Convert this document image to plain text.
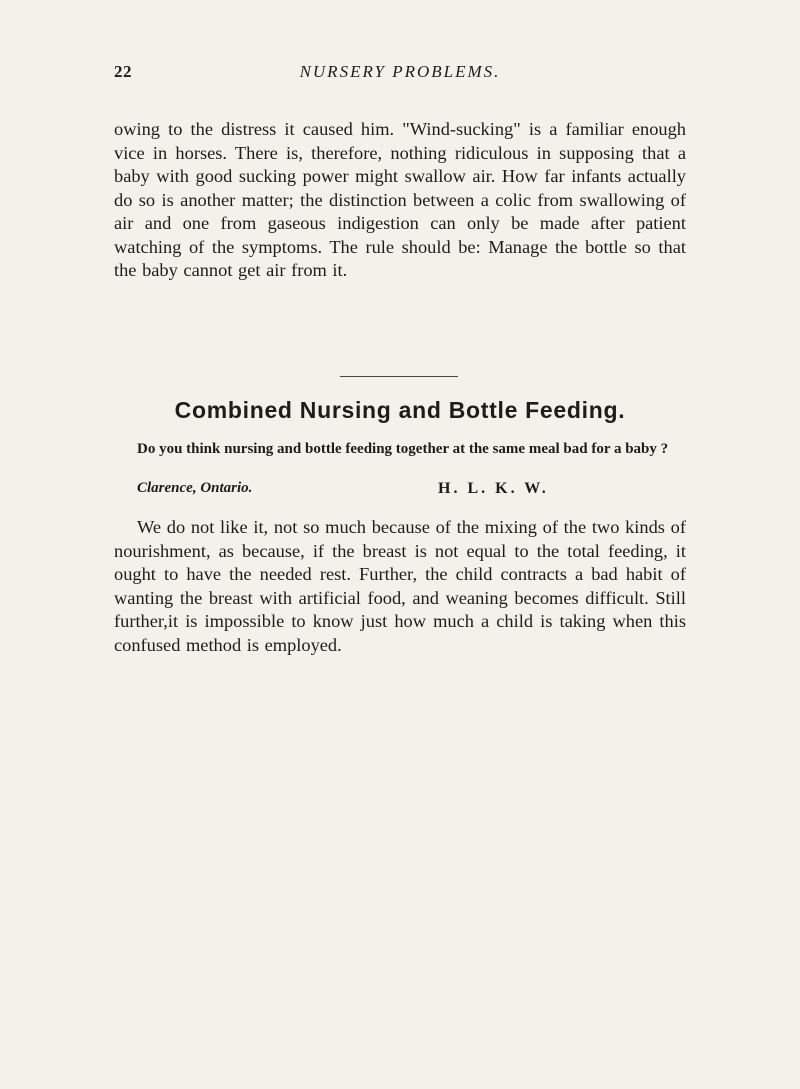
22	NURSERY PROBLEMS.

owing to the distress it caused him. "Wind-sucking" is a familiar enough vice in horses. There is, therefore, nothing ridiculous in supposing that a baby with good sucking power might swallow air. How far infants actually do so is another matter; the distinction between a colic from swallowing of air and one from gaseous indigestion can only be made after patient watching of the symptoms. The rule should be: Manage the bottle so that the baby cannot get air from it.

Combined Nursing and Bottle Feeding.

Do you think nursing and bottle feeding together at the same meal bad for a baby ?

Clarence, Ontario.	H. L. K. W.

We do not like it, not so much because of the mixing of the two kinds of nourishment, as because, if the breast is not equal to the total feeding, it ought to have the needed rest. Further, the child contracts a bad habit of wanting the breast with artificial food, and weaning becomes difficult. Still further,it is impossible to know just how much a child is taking when this confused method is employed.
